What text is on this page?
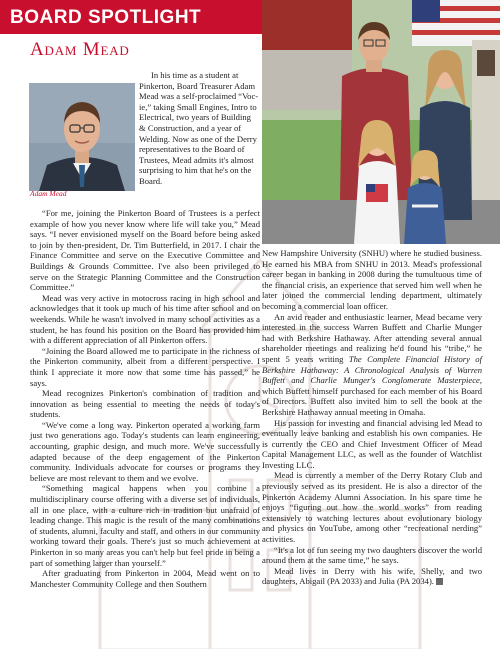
BOARD SPOTLIGHT
Adam Mead
Adam Mead

In his time as a student at Pinkerton, Board Treasurer Adam Mead was a self-proclaimed “Voc-ie,” taking Small Engines, Intro to Electrical, two years of Building & Construction, and a year of Welding. Now as one of the Derry representatives to the Board of Trustees, Mead admits it's almost surprising to him that he's on the Board.

“For me, joining the Pinkerton Board of Trustees is a perfect example of how you never know where life will take you,” Mead says. “I never envisioned myself on the Board before being asked to join by then-president, Dr. Tim Butterfield, in 2017. I chair the Finance Committee and serve on the Executive Committee and Buildings & Grounds Committee. I've also been privileged to serve on the Strategic Planning Committee and the Construction Committee.”

Mead was very active in motocross racing in high school and acknowledges that it took up much of his time after school and on weekends. While he wasn't involved in many school activities as a student, he has found his position on the Board has provided him with a different appreciation of all Pinkerton offers.

“Joining the Board allowed me to participate in the richness of the Pinkerton community, albeit from a different perspective. I think I appreciate it more now that some time has passed,” he says.

Mead recognizes Pinkerton's combination of tradition and innovation as being essential to meeting the needs of today's students.

“We've come a long way. Pinkerton operated a working farm just two generations ago. Today's students can learn engineering, accounting, graphic design, and much more. We've successfully adapted because of the deep engagement of the Pinkerton community. Individuals advocate for courses or programs they believe are most relevant to them and we evolve.

“Something magical happens when you combine a multidisciplinary course offering with a diverse set of individuals, all in one place, with a culture rich in tradition but unafraid of leading change. This magic is the result of the many combinations of students, alumni, faculty and staff, and others in our community working toward their goals. There's just so much achievement at Pinkerton in so many areas you can't help but feel pride in being a part of something larger than yourself.”

After graduating from Pinkerton in 2004, Mead went on to Manchester Community College and then Southern

New Hampshire University (SNHU) where he studied business. He earned his MBA from SNHU in 2013. Mead's professional career began in banking in 2008 during the tumultuous time of the financial crisis, an experience that served him well when he later joined the commercial lending department, ultimately becoming a commercial loan officer.

An avid reader and enthusiastic learner, Mead became very interested in the success Warren Buffett and Charlie Munger had with Berkshire Hathaway. After attending several annual shareholder meetings and realizing he'd found his “tribe,” he spent 5 years writing The Complete Financial History of Berkshire Hathaway: A Chronological Analysis of Warren Buffett and Charlie Munger's Conglomerate Masterpiece, which Buffett himself purchased for each member of his Board of Directors. Buffett also invited him to sell the book at the Berkshire Hathaway annual meeting in Omaha.

His passion for investing and financial advising led Mead to eventually leave banking and establish his own companies. He is currently the CEO and Chief Investment Officer of Mead Capital Management LLC, as well as the founder of Watchlist Investing LLC.

Mead is currently a member of the Derry Rotary Club and previously served as its president. He is also a director of the Pinkerton Academy Alumni Association. In his spare time he enjoys “figuring out how the world works” from reading extensively to watching lectures about evolutionary biology and physics on YouTube, among other “recreational nerding” activities.

“It's a lot of fun seeing my two daughters discover the world around them at the same time,” he says.

Mead lives in Derry with his wife, Shelly, and two daughters, Abigail (PA 2033) and Julia (PA 2034).
